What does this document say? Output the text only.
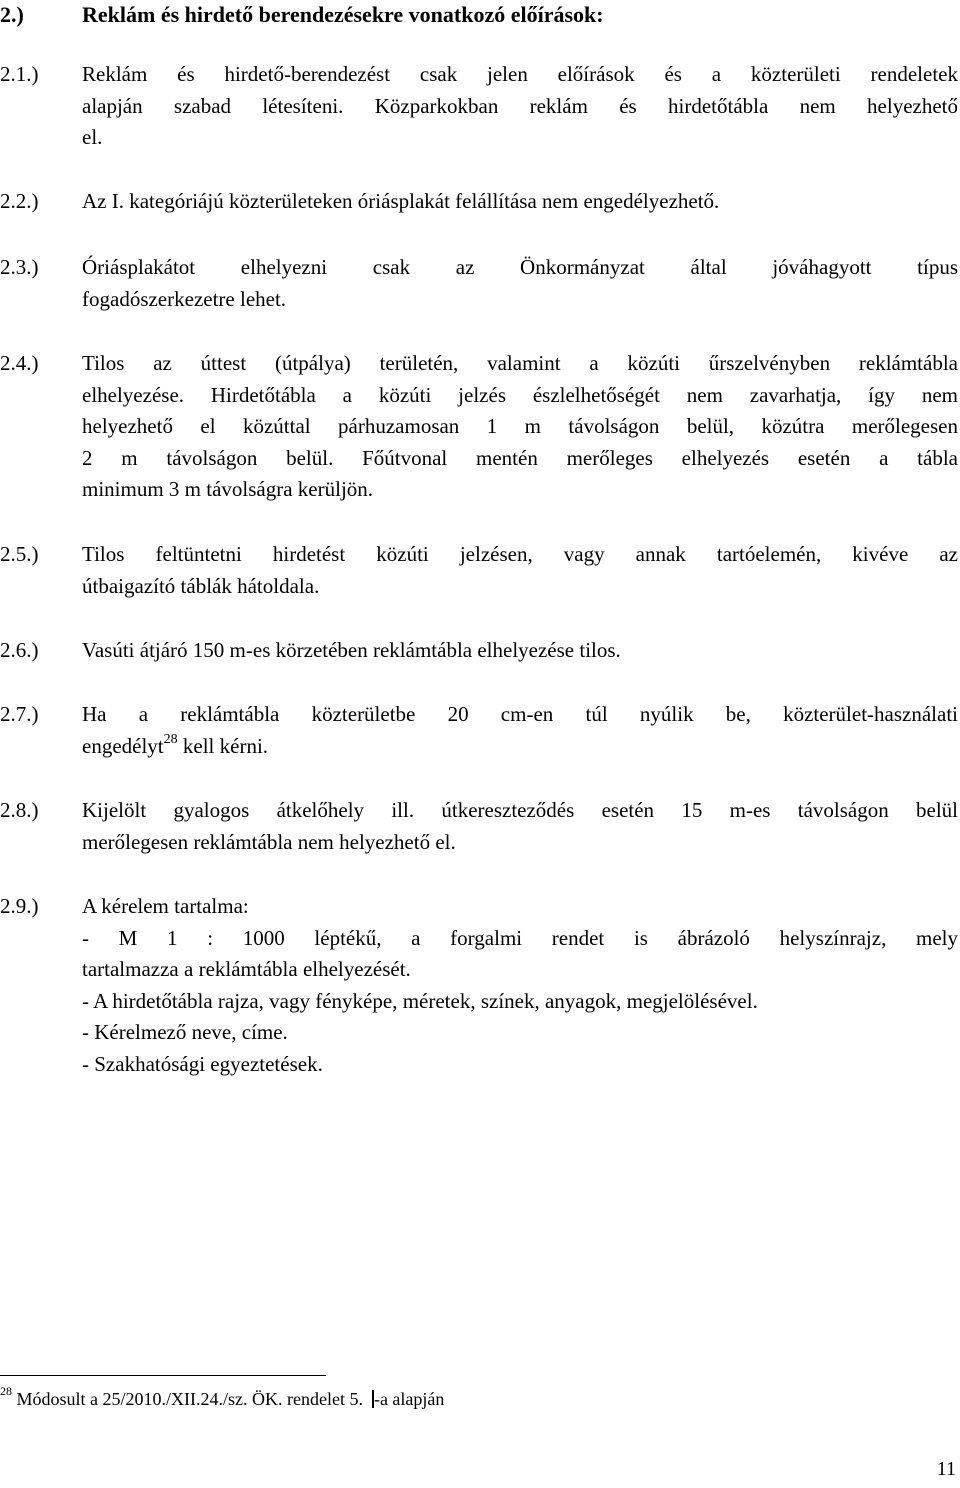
2.)	Reklám és hirdető berendezésekre vonatkozó előírások:
2.1.) Reklám és hirdető-berendezést csak jelen előírások és a közterületi rendeletek
alapján szabad létesíteni. Közparkokban reklám és hirdetőtábla nem helyezhető
el.
2.2.) Az I. kategóriájú közterületeken óriásplakát felállítása nem engedélyezhető.
2.3.) Óriásplakátot elhelyezni csak az Önkormányzat által jóváhagyott típus
fogadószerkezetre lehet.
2.4.) Tilos az úttest (útpálya) területén, valamint a közúti űrszelvényben reklámtábla
elhelyezése. Hirdetőtábla a közúti jelzés észlelhetőségét nem zavarhatja, így nem
helyezhető el közúttal párhuzamosan 1 m távolságon belül, közútra merőlegesen
2 m távolságon belül. Főútvonal mentén merőleges elhelyezés esetén a tábla
minimum 3 m távolságra kerüljön.
2.5.) Tilos feltüntetni hirdetést közúti jelzésen, vagy annak tartóelemén, kivéve az
útbaigazító táblák hátoldala.
2.6.) Vasúti átjáró 150 m-es körzetében reklámtábla elhelyezése tilos.
2.7.) Ha a reklámtábla közterületbe 20 cm-en túl nyúlik be, közterület-használati
engedélyt$^{28}$ kell kérni.
2.8.) Kijelölt gyalogos átkelőhely ill. útkereszteződés esetén 15 m-es távolságon belül
merőlegesen reklámtábla nem helyezhető el.
2.9.) A kérelem tartalma:
- M 1 : 1000 léptékű, a forgalmi rendet is ábrázoló helyszínrajz, mely
tartalmazza a reklámtábla elhelyezését.
- A hirdetőtábla rajza, vagy fényképe, méretek, színek, anyagok, megjelölésével.
- Kérelmező neve, címe.
- Szakhatósági egyeztetések.
$^{28}$ Módosult a 25/2010./XII.24./sz. ÖK. rendelet 5. -a alapján
11
